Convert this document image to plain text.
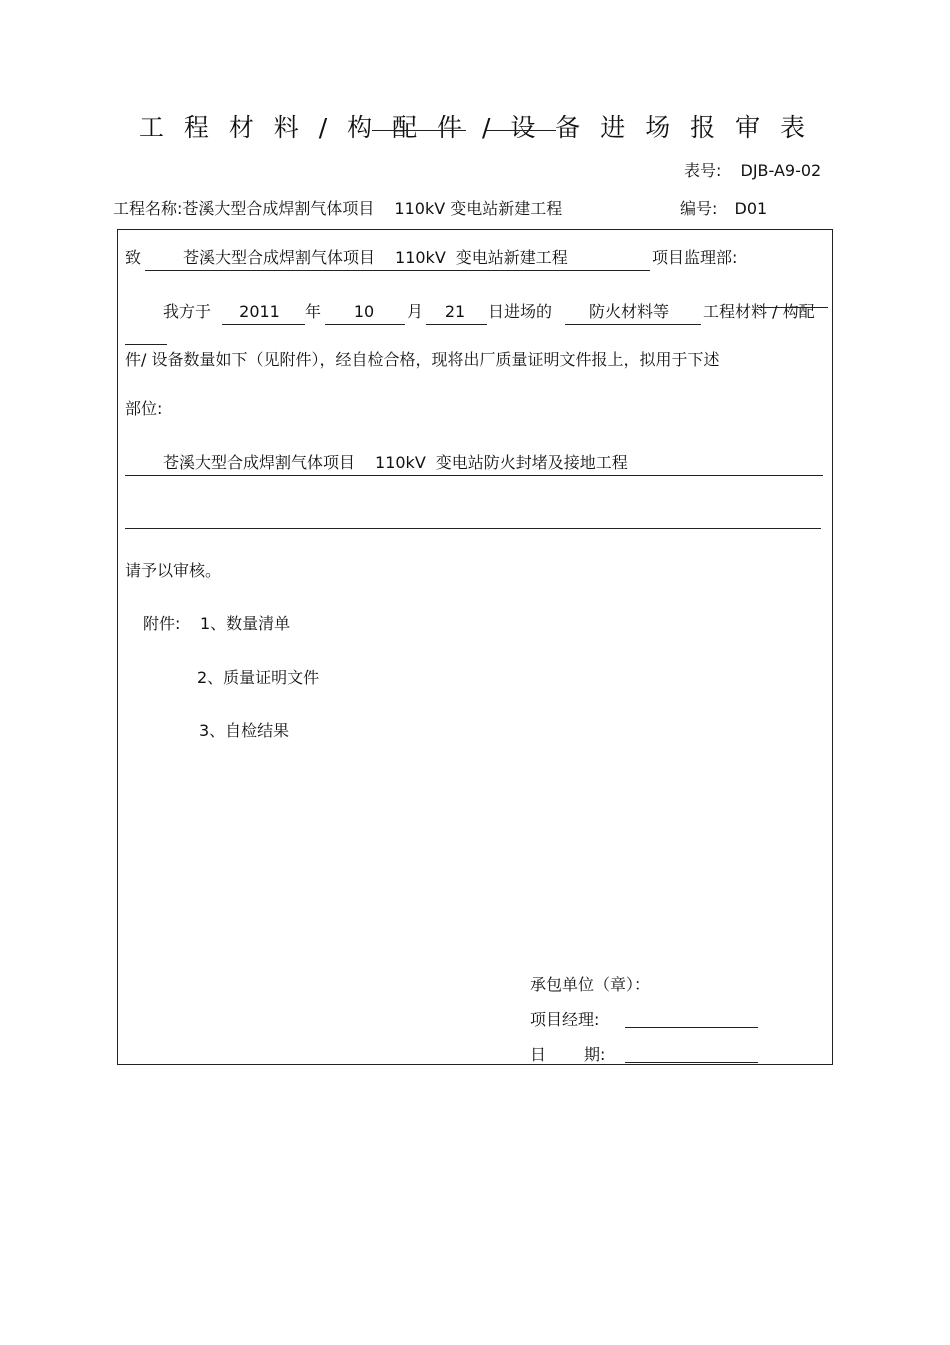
工 程 材 料 / 构 配 件 / 设 备 进 场 报 审 表
表号: DJB-A9-02
工程名称:苍溪大型合成焊割气体项目 110kV 变电站新建工程	编号: D01
致	苍溪大型合成焊割气体项目 110kV 变电站新建工程	项目监理部:
我方于	2011	年	10	月	21	日进场的	防火材料等	工程材料 / 构配
件/ 设备数量如下（见附件），经自检合格，现将出厂质量证明文件报上，拟用于下述
部位:
苍溪大型合成焊割气体项目 110kV 变电站防火封堵及接地工程
请予以审核。
附件: 1、数量清单
2、质量证明文件
3、自检结果
承包单位（章）：
项目经理:
日 期:
